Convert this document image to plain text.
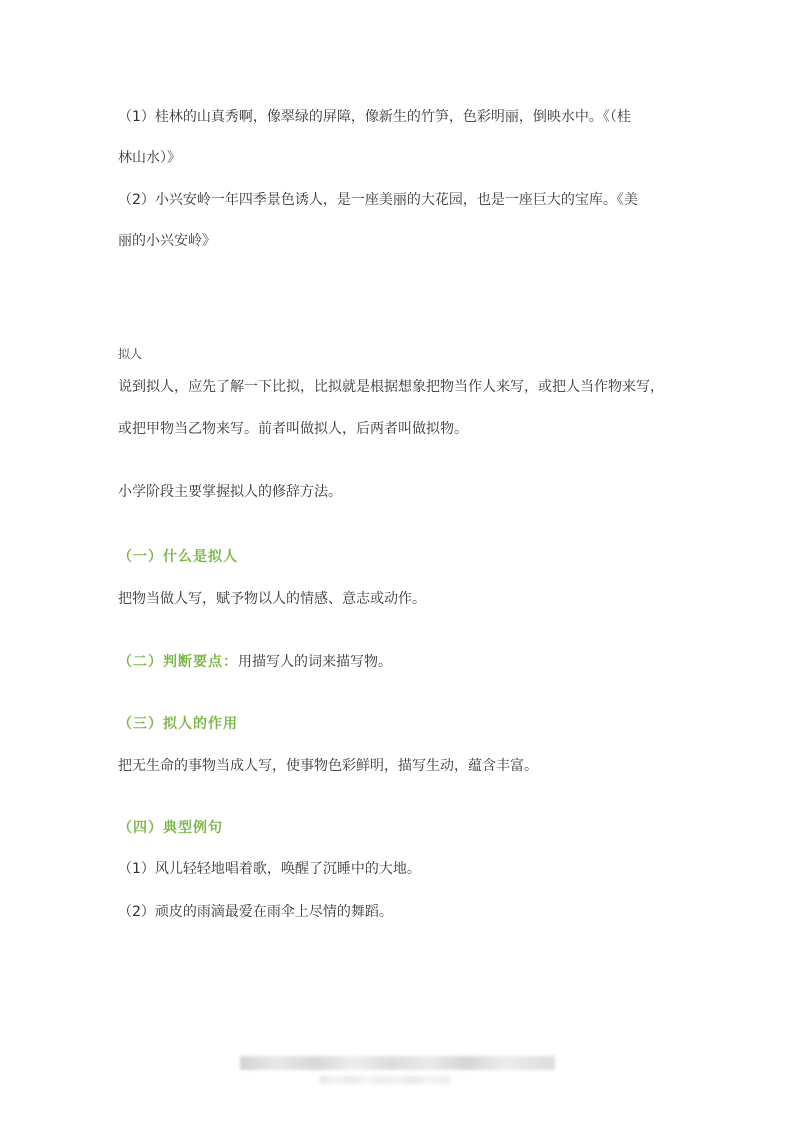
（1）桂林的山真秀啊，像翠绿的屏障，像新生的竹笋，色彩明丽，倒映水中。《（桂
林山水）》
（2）小兴安岭一年四季景色诱人，是一座美丽的大花园，也是一座巨大的宝库。《美
丽的小兴安岭》
拟人
说到拟人，应先了解一下比拟，比拟就是根据想象把物当作人来写，或把人当作物来写，
或把甲物当乙物来写。前者叫做拟人，后两者叫做拟物。
小学阶段主要掌握拟人的修辞方法。
（一）什么是拟人
把物当做人写，赋予物以人的情感、意志或动作。
（二）判断要点：用描写人的词来描写物。
（三）拟人的作用
把无生命的事物当成人写，使事物色彩鲜明，描写生动，蕴含丰富。
（四）典型例句
（1）风儿轻轻地唱着歌，唤醒了沉睡中的大地。
（2）顽皮的雨滴最爱在雨伞上尽情的舞蹈。
